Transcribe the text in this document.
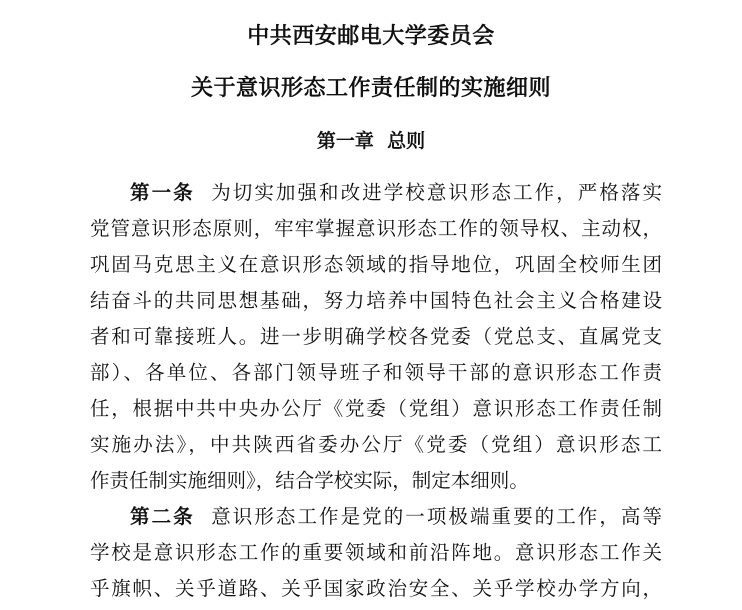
中共西安邮电大学委员会
关于意识形态工作责任制的实施细则
第一章 总则
第一条 为切实加强和改进学校意识形态工作，严格落实
党管意识形态原则，牢牢掌握意识形态工作的领导权、主动权，
巩固马克思主义在意识形态领域的指导地位，巩固全校师生团
结奋斗的共同思想基础，努力培养中国特色社会主义合格建设
者和可靠接班人。进一步明确学校各党委（党总支、直属党支
部）、各单位、各部门领导班子和领导干部的意识形态工作责
任，根据中共中央办公厅《党委（党组）意识形态工作责任制
实施办法》，中共陕西省委办公厅《党委（党组）意识形态工
作责任制实施细则》，结合学校实际，制定本细则。
第二条 意识形态工作是党的一项极端重要的工作，高等
学校是意识形态工作的重要领域和前沿阵地。意识形态工作关
乎旗帜、关乎道路、关乎国家政治安全、关乎学校办学方向，
